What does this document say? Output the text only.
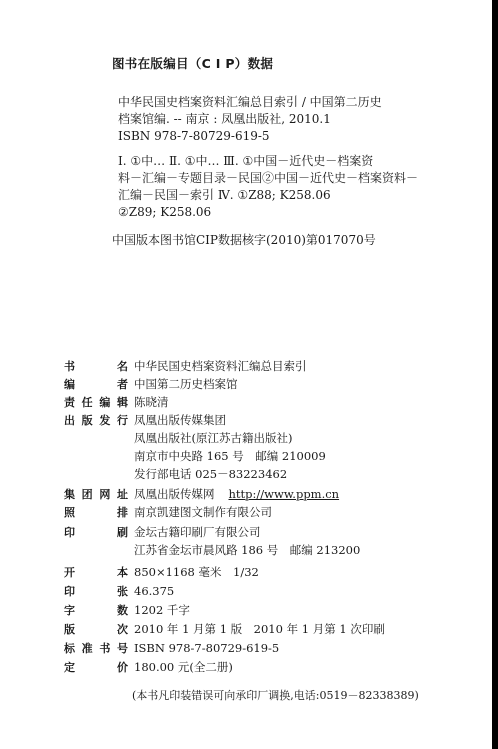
图书在版编目（C I P）数据
中华民国史档案资料汇编总目索引 / 中国第二历史
档案馆编. -- 南京 : 凤凰出版社, 2010.1
ISBN 978-7-80729-619-5
Ⅰ. ①中… Ⅱ. ①中… Ⅲ. ①中国－近代史－档案资
料－汇编－专题目录－民国②中国－近代史－档案资料－
汇编－民国－索引 Ⅳ. ①Z88; K258.06
②Z89; K258.06
中国版本图书馆CIP数据核字(2010)第017070号
书	名 中华民国史档案资料汇编总目索引
编	者 中国第二历史档案馆
责 任 编 辑 陈晓清
出 版 发 行 凤凰出版传媒集团
凤凰出版社(原江苏古籍出版社)
南京市中央路 165 号　邮编 210009
发行部电话 025－83223462
集 团 网 址 凤凰出版传媒网 http://www.ppm.cn
照	排 南京凯建图文制作有限公司
印	刷 金坛古籍印刷厂有限公司
江苏省金坛市晨风路 186 号　邮编 213200
开	本 850×1168 毫米　1/32
印	张 46.375
字	数 1202 千字
版	次 2010 年 1 月第 1 版　2010 年 1 月第 1 次印刷
标 准 书 号 ISBN 978-7-80729-619-5
定	价 180.00 元(全二册)
(本书凡印装错误可向承印厂调换,电话:0519－82338389)
